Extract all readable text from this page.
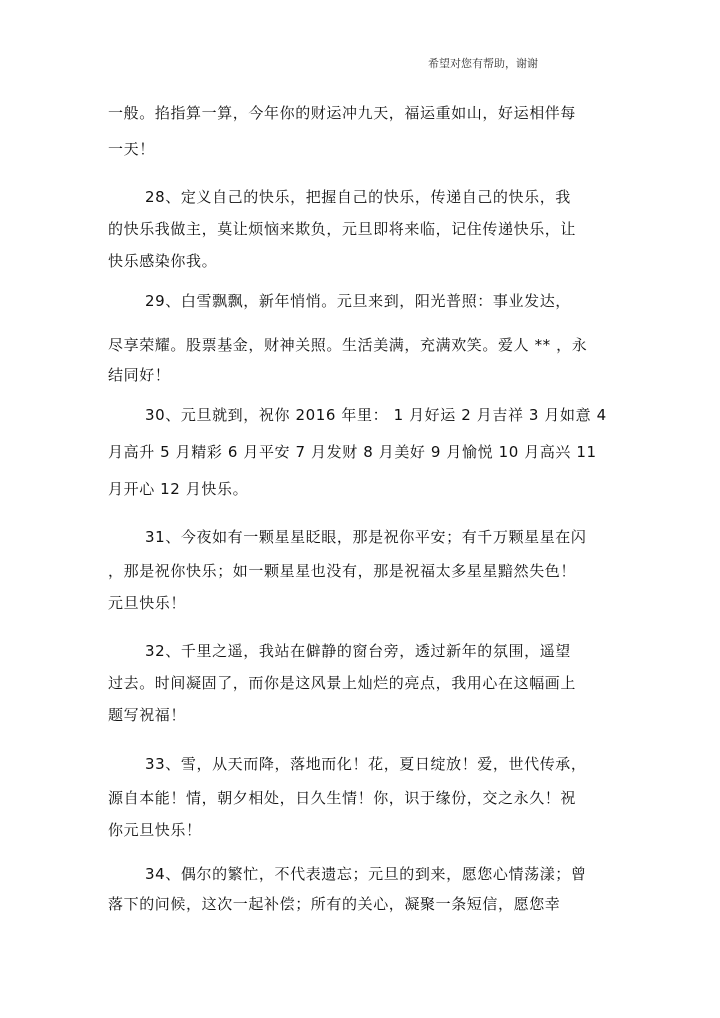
希望对您有帮助，谢谢
一般。掐指算一算，今年你的财运冲九天，福运重如山，好运相伴每
一天！
28、定义自己的快乐，把握自己的快乐，传递自己的快乐，我
的快乐我做主，莫让烦恼来欺负，元旦即将来临，记住传递快乐，让
快乐感染你我。
29、白雪飘飘，新年悄悄。元旦来到，阳光普照：事业发达，
尽享荣耀。股票基金，财神关照。生活美满，充满欢笑。爱人 ** ，永
结同好！
30、元旦就到，祝你 2016 年里： 1 月好运 2 月吉祥 3 月如意 4
月高升 5 月精彩 6 月平安 7 月发财 8 月美好 9 月愉悦 10 月高兴 11
月开心 12 月快乐。
31、今夜如有一颗星星眨眼，那是祝你平安；有千万颗星星在闪
，那是祝你快乐；如一颗星星也没有，那是祝福太多星星黯然失色！
元旦快乐！
32、千里之遥，我站在僻静的窗台旁，透过新年的氛围，遥望
过去。时间凝固了，而你是这风景上灿烂的亮点，我用心在这幅画上
题写祝福！
33、雪，从天而降，落地而化！花，夏日绽放！爱，世代传承，
源自本能！情，朝夕相处，日久生情！你，识于缘份，交之永久！祝
你元旦快乐！
34、偶尔的繁忙，不代表遗忘；元旦的到来，愿您心情荡漾；曾
落下的问候，这次一起补偿；所有的关心，凝聚一条短信，愿您幸
